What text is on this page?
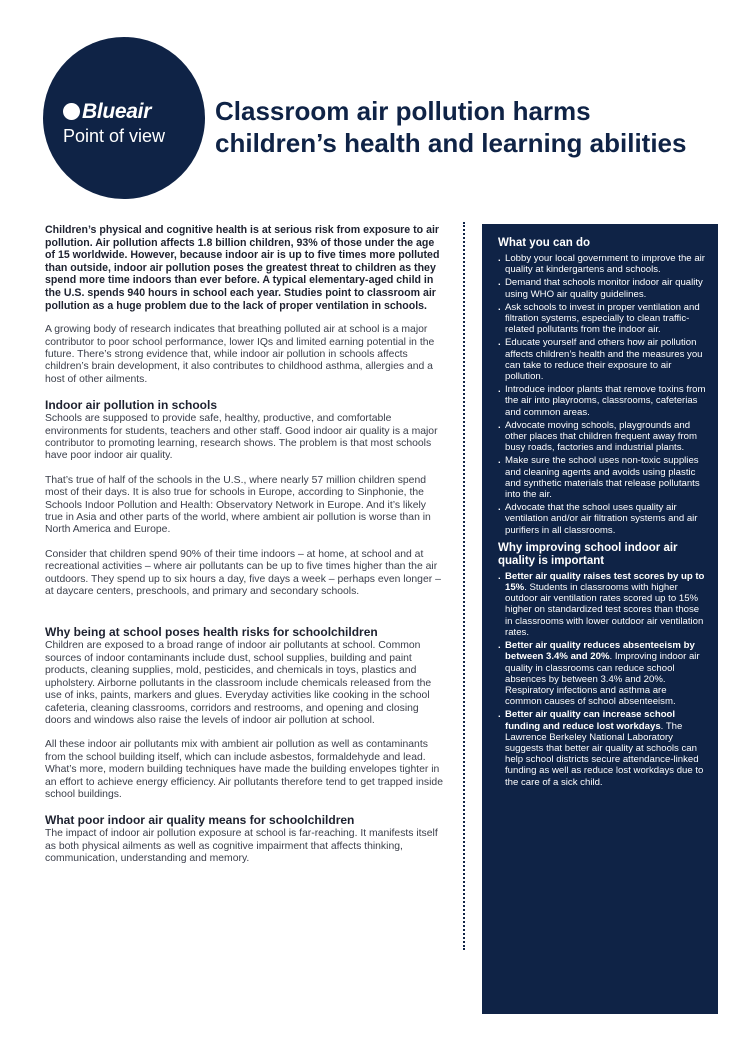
Blueair
Point of view
Classroom air pollution harms children’s health and learning abilities

Children’s physical and cognitive health is at serious risk from exposure to air pollution. Air pollution affects 1.8 billion children, 93% of those under the age of 15 worldwide. However, because indoor air is up to five times more polluted than outside, indoor air pollution poses the greatest threat to children as they spend more time indoors than ever before. A typical elementary-aged child in the U.S. spends 940 hours in school each year. Studies point to classroom air pollution as a huge problem due to the lack of proper ventilation in schools.

A growing body of research indicates that breathing polluted air at school is a major contributor to poor school performance, lower IQs and limited earning potential in the future. There’s strong evidence that, while indoor air pollution in schools affects children’s brain development, it also contributes to childhood asthma, allergies and a host of other ailments.

Indoor air pollution in schools

Schools are supposed to provide safe, healthy, productive, and comfortable environments for students, teachers and other staff. Good indoor air quality is a major contributor to promoting learning, research shows. The problem is that most schools have poor indoor air quality.

That’s true of half of the schools in the U.S., where nearly 57 million children spend most of their days. It is also true for schools in Europe, according to Sinphonie, the Schools Indoor Pollution and Health: Observatory Network in Europe. And it’s likely true in Asia and other parts of the world, where ambient air pollution is worse than in North America and Europe.

Consider that children spend 90% of their time indoors – at home, at school and at recreational activities – where air pollutants can be up to five times higher than the air outdoors. They spend up to six hours a day, five days a week – perhaps even longer – at daycare centers, preschools, and primary and secondary schools.

Why being at school poses health risks for schoolchildren

Children are exposed to a broad range of indoor air pollutants at school. Common sources of indoor contaminants include dust, school supplies, building and paint products, cleaning supplies, mold, pesticides, and chemicals in toys, plastics and upholstery. Airborne pollutants in the classroom include chemicals released from the use of inks, paints, markers and glues. Everyday activities like cooking in the school cafeteria, cleaning classrooms, corridors and restrooms, and opening and closing doors and windows also raise the levels of indoor air pollution at school.

All these indoor air pollutants mix with ambient air pollution as well as contaminants from the school building itself, which can include asbestos, formaldehyde and lead. What’s more, modern building techniques have made the building envelopes tighter in an effort to achieve energy efficiency. Air pollutants therefore tend to get trapped inside school buildings.

What poor indoor air quality means for schoolchildren

The impact of indoor air pollution exposure at school is far-reaching. It manifests itself as both physical ailments as well as cognitive impairment that affects thinking, communication, understanding and memory.

What you can do
. Lobby your local government to improve the air quality at kindergartens and schools.
. Demand that schools monitor indoor air quality using WHO air quality guidelines.
. Ask schools to invest in proper ventilation and filtration systems, especially to clean traffic-related pollutants from the indoor air.
. Educate yourself and others how air pollution affects children’s health and the measures you can take to reduce their exposure to air pollution.
. Introduce indoor plants that remove toxins from the air into playrooms, classrooms, cafeterias and common areas.
. Advocate moving schools, playgrounds and other places that children frequent away from busy roads, factories and industrial plants.
. Make sure the school uses non-toxic supplies and cleaning agents and avoids using plastic and synthetic materials that release pollutants into the air.
. Advocate that the school uses quality air ventilation and/or air filtration systems and air purifiers in all classrooms.
Why improving school indoor air quality is important
. Better air quality raises test scores by up to 15%. Students in classrooms with higher outdoor air ventilation rates scored up to 15% higher on standardized test scores than those in classrooms with lower outdoor air ventilation rates.
. Better air quality reduces absenteeism by between 3.4% and 20%. Improving indoor air quality in classrooms can reduce school absences by between 3.4% and 20%. Respiratory infections and asthma are common causes of school absenteeism.
. Better air quality can increase school funding and reduce lost workdays. The Lawrence Berkeley National Laboratory suggests that better air quality at schools can help school districts secure attendance-linked funding as well as reduce lost workdays due to the care of a sick child.
